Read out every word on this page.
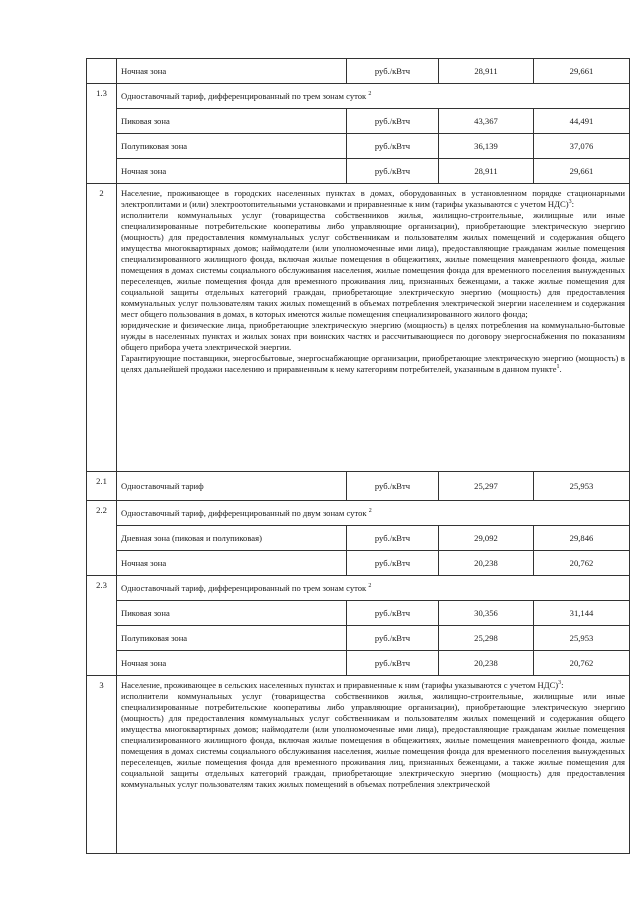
	Ночная зона	руб./кВтч	28,911	29,661
1.3	Одноставочный тариф, дифференцированный по трем зонам суток $^2$
	Пиковая зона	руб./кВтч	43,367	44,491
	Полупиковая зона	руб./кВтч	36,139	37,076
	Ночная зона	руб./кВтч	28,911	29,661
2	Население, проживающее в городских населенных пунктах в домах, оборудованных в установленном порядке стационарными электроплитами и (или) электроотопительными установками и приравненные к ним (тарифы указываются с учетом НДС)$^3$:

исполнители коммунальных услуг (товарищества собственников жилья, жилищно-строительные, жилищные или иные специализированные потребительские кооперативы либо управляющие организации), приобретающие электрическую энергию (мощность) для предоставления коммунальных услуг собственникам и пользователям жилых помещений и содержания общего имущества многоквартирных домов; наймодатели (или уполномоченные ими лица), предоставляющие гражданам жилые помещения специализированного жилищного фонда, включая жилые помещения в общежитиях, жилые помещения маневренного фонда, жилые помещения в домах системы социального обслуживания населения, жилые помещения фонда для временного поселения вынужденных переселенцев, жилые помещения фонда для временного проживания лиц, признанных беженцами, а также жилые помещения для социальной защиты отдельных категорий граждан, приобретающие электрическую энергию (мощность) для предоставления коммунальных услуг пользователям таких жилых помещений в объемах потребления электрической энергии населением и содержания мест общего пользования в домах, в которых имеются жилые помещения специализированного жилого фонда;

юридические и физические лица, приобретающие электрическую энергию (мощность) в целях потребления на коммунально-бытовые нужды в населенных пунктах и жилых зонах при воинских частях и рассчитывающиеся по договору энергоснабжения по показаниям общего прибора учета электрической энергии.

Гарантирующие поставщики, энергосбытовые, энергоснабжающие организации, приобретающие электрическую энергию (мощность) в целях дальнейшей продажи населению и приравненным к нему категориям потребителей, указанным в данном пункте$^1$.			

2.1	Одноставочный тариф	руб./кВтч	25,297	25,953
2.2	Одноставочный тариф, дифференцированный по двум зонам суток $^2$
	Дневная зона (пиковая и полупиковая)	руб./кВтч	29,092	29,846
	Ночная зона	руб./кВтч	20,238	20,762
2.3	Одноставочный тариф, дифференцированный по трем зонам суток $^2$
	Пиковая зона	руб./кВтч	30,356	31,144
	Полупиковая зона	руб./кВтч	25,298	25,953
	Ночная зона	руб./кВтч	20,238	20,762
3	Население, проживающее в сельских населенных пунктах и приравненные к ним (тарифы указываются с учетом НДС)$^3$:

исполнители коммунальных услуг (товарищества собственников жилья, жилищно-строительные, жилищные или иные специализированные потребительские кооперативы либо управляющие организации), приобретающие электрическую энергию (мощность) для предоставления коммунальных услуг собственникам и пользователям жилых помещений и содержания общего имущества многоквартирных домов; наймодатели (или уполномоченные ими лица), предоставляющие гражданам жилые помещения специализированного жилищного фонда, включая жилые помещения в общежитиях, жилые помещения маневренного фонда, жилые помещения в домах системы социального обслуживания населения, жилые помещения фонда для временного поселения вынужденных переселенцев, жилые помещения фонда для временного проживания лиц, признанных беженцами, а также жилые помещения для социальной защиты отдельных категорий граждан, приобретающие электрическую энергию (мощность) для предоставления коммунальных услуг пользователям таких жилых помещений в объемах потребления электрической			
